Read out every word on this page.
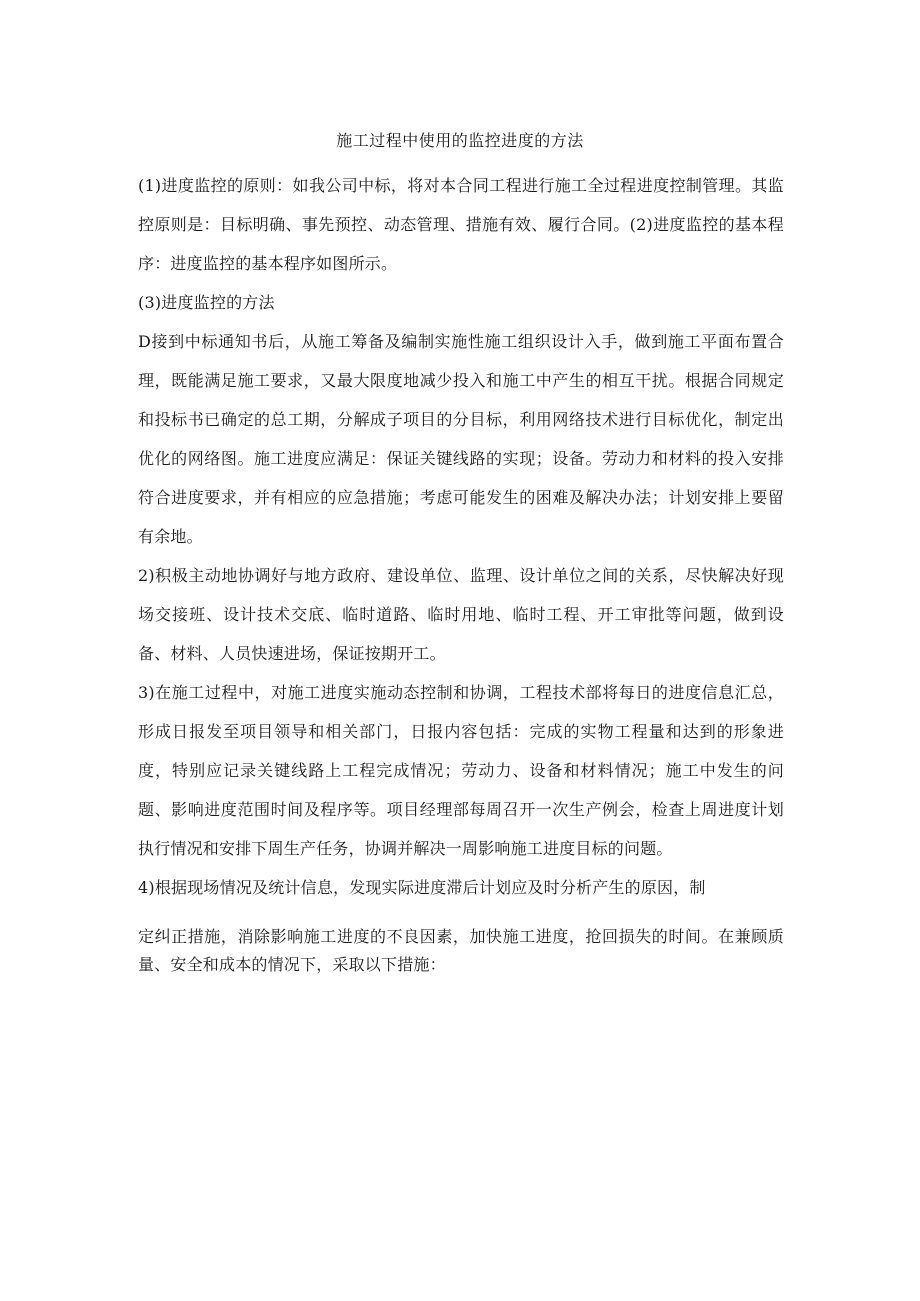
施工过程中使用的监控进度的方法

(1)进度监控的原则：如我公司中标，将对本合同工程进行施工全过程进度控制管理。其监控原则是：目标明确、事先预控、动态管理、措施有效、履行合同。(2)进度监控的基本程序：进度监控的基本程序如图所示。

(3)进度监控的方法

D接到中标通知书后，从施工筹备及编制实施性施工组织设计入手，做到施工平面布置合理，既能满足施工要求，又最大限度地减少投入和施工中产生的相互干扰。根据合同规定和投标书已确定的总工期，分解成子项目的分目标，利用网络技术进行目标优化，制定出优化的网络图。施工进度应满足：保证关键线路的实现；设备。劳动力和材料的投入安排符合进度要求，并有相应的应急措施；考虑可能发生的困难及解决办法；计划安排上要留有余地。

2)积极主动地协调好与地方政府、建设单位、监理、设计单位之间的关系，尽快解决好现场交接班、设计技术交底、临时道路、临时用地、临时工程、开工审批等问题，做到设备、材料、人员快速进场，保证按期开工。

3)在施工过程中，对施工进度实施动态控制和协调，工程技术部将每日的进度信息汇总，形成日报发至项目领导和相关部门，日报内容包括：完成的实物工程量和达到的形象进度，特别应记录关键线路上工程完成情况；劳动力、设备和材料情况；施工中发生的问题、影响进度范围时间及程序等。项目经理部每周召开一次生产例会，检查上周进度计划执行情况和安排下周生产任务，协调并解决一周影响施工进度目标的问题。

4)根据现场情况及统计信息，发现实际进度滞后计划应及时分析产生的原因，制

定纠正措施，消除影响施工进度的不良因素，加快施工进度，抢回损失的时间。在兼顾质量、安全和成本的情况下，采取以下措施：
